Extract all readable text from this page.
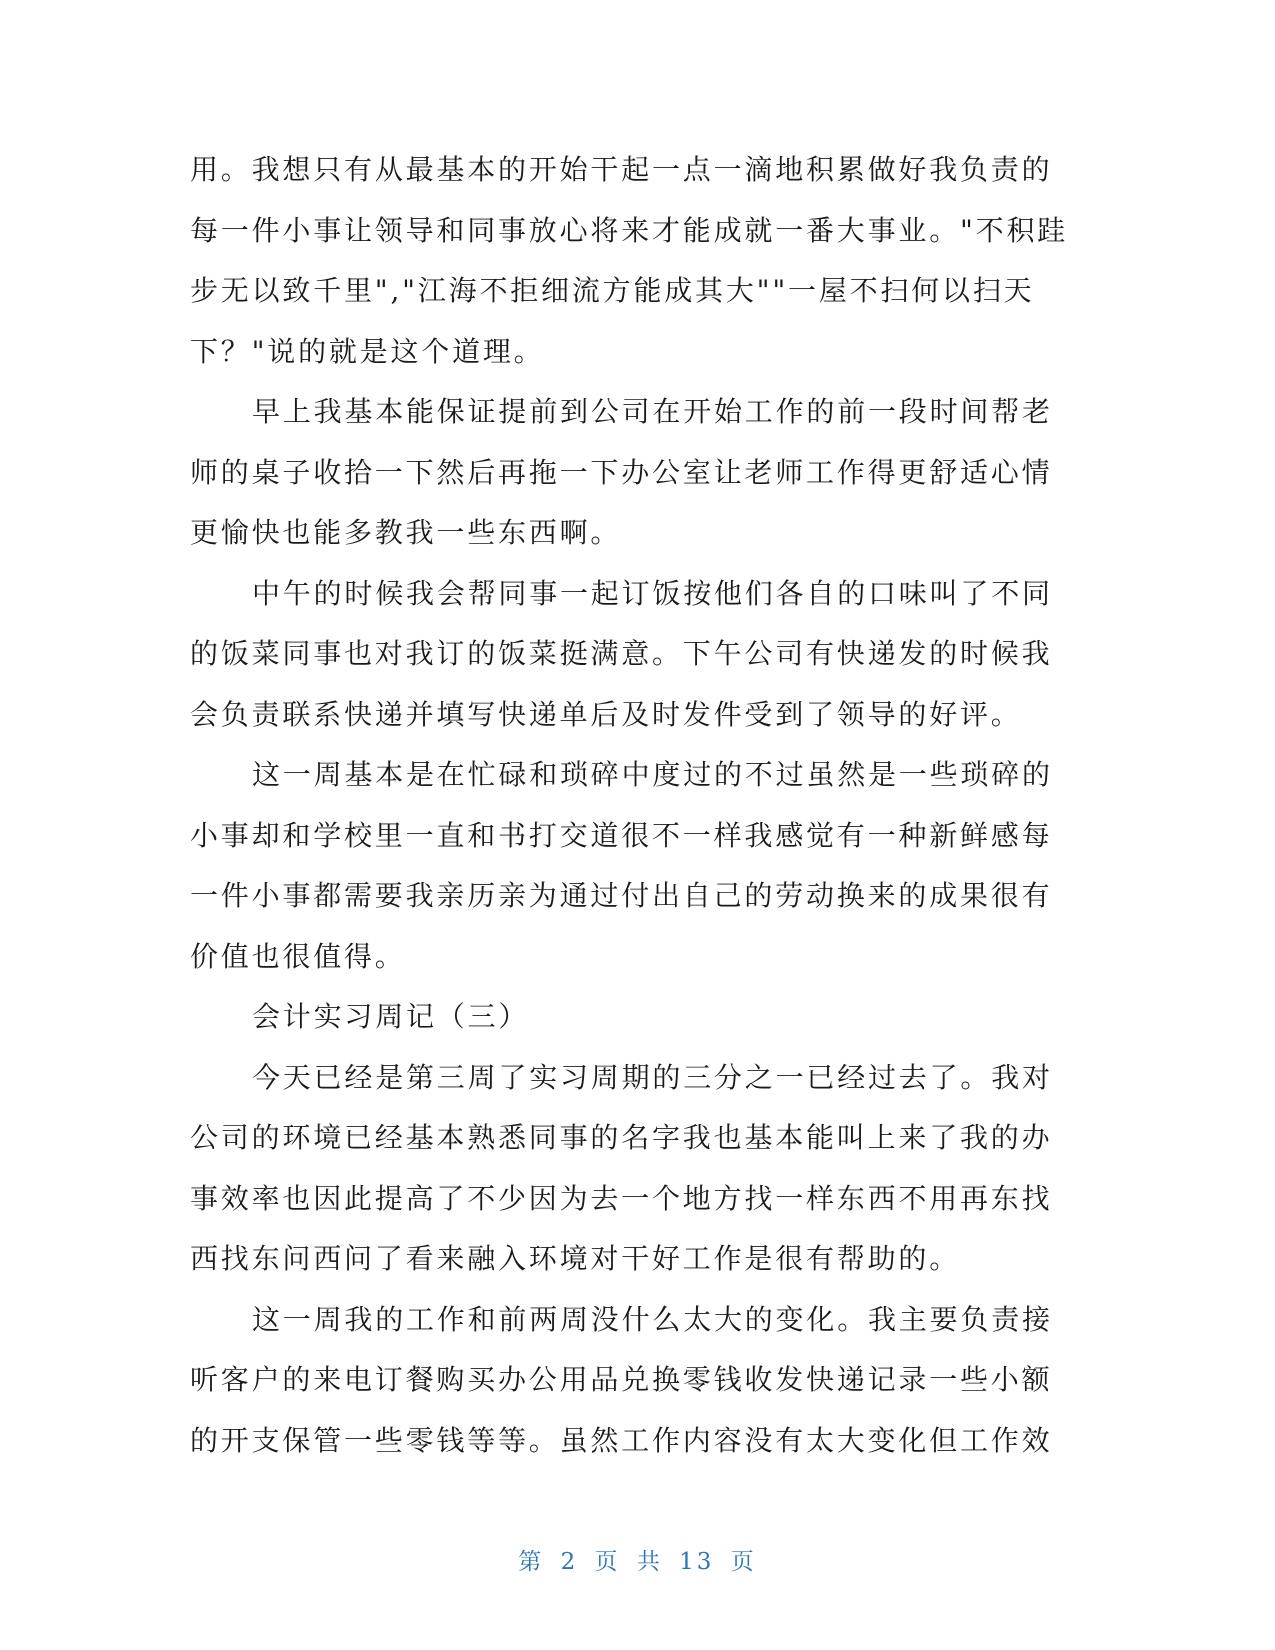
用。我想只有从最基本的开始干起一点一滴地积累做好我负责的每一件小事让领导和同事放心将来才能成就一番大事业。"不积跬步无以致千里","江海不拒细流方能成其大""一屋不扫何以扫天下？"说的就是这个道理。

早上我基本能保证提前到公司在开始工作的前一段时间帮老师的桌子收拾一下然后再拖一下办公室让老师工作得更舒适心情更愉快也能多教我一些东西啊。

中午的时候我会帮同事一起订饭按他们各自的口味叫了不同的饭菜同事也对我订的饭菜挺满意。下午公司有快递发的时候我会负责联系快递并填写快递单后及时发件受到了领导的好评。

这一周基本是在忙碌和琐碎中度过的不过虽然是一些琐碎的小事却和学校里一直和书打交道很不一样我感觉有一种新鲜感每一件小事都需要我亲历亲为通过付出自己的劳动换来的成果很有价值也很值得。

会计实习周记（三）

今天已经是第三周了实习周期的三分之一已经过去了。我对公司的环境已经基本熟悉同事的名字我也基本能叫上来了我的办事效率也因此提高了不少因为去一个地方找一样东西不用再东找西找东问西问了看来融入环境对干好工作是很有帮助的。

这一周我的工作和前两周没什么太大的变化。我主要负责接听客户的来电订餐购买办公用品兑换零钱收发快递记录一些小额的开支保管一些零钱等等。虽然工作内容没有太大变化但工作效

第 2 页 共 13 页
